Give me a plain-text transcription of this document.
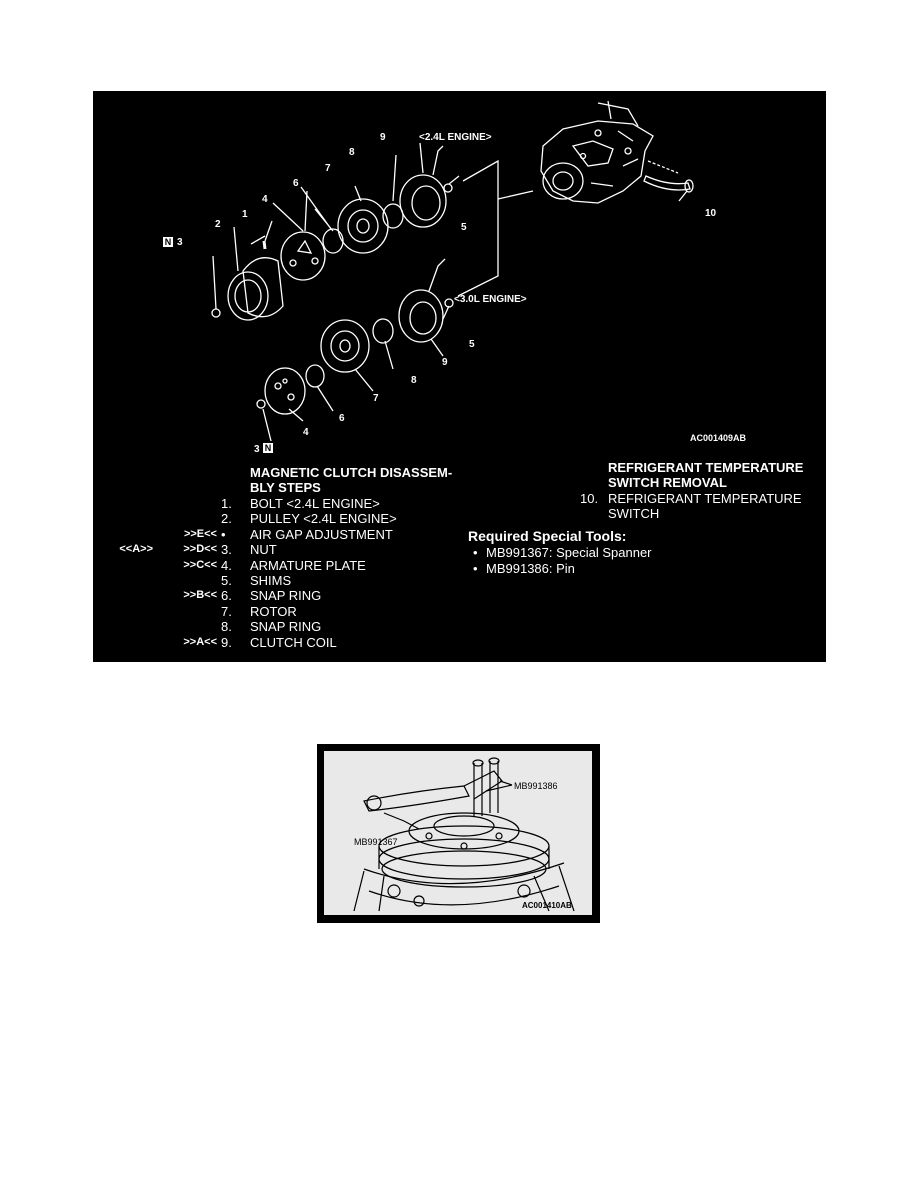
9	<2.4L ENGINE>
8
7
6
4
1
2	5
10
N 3
<3.0L ENGINE>
5
9
8
7
6
4
3 N
AC001409AB
MAGNETIC CLUTCH DISASSEM-
BLY STEPS
1. BOLT <2.4L ENGINE>
2. PULLEY <2.4L ENGINE>
>>E<< • AIR GAP ADJUSTMENT
<<A>>	>>D<< 3. NUT
>>C<< 4. ARMATURE PLATE
5. SHIMS
>>B<< 6. SNAP RING
7. ROTOR
8. SNAP RING
>>A<< 9. CLUTCH COIL
REFRIGERANT TEMPERATURE
SWITCH REMOVAL
10. REFRIGERANT TEMPERATURE
SWITCH
Required Special Tools:
• MB991367: Special Spanner
• MB991386: Pin
MB991386
MB991367
AC001410AB
